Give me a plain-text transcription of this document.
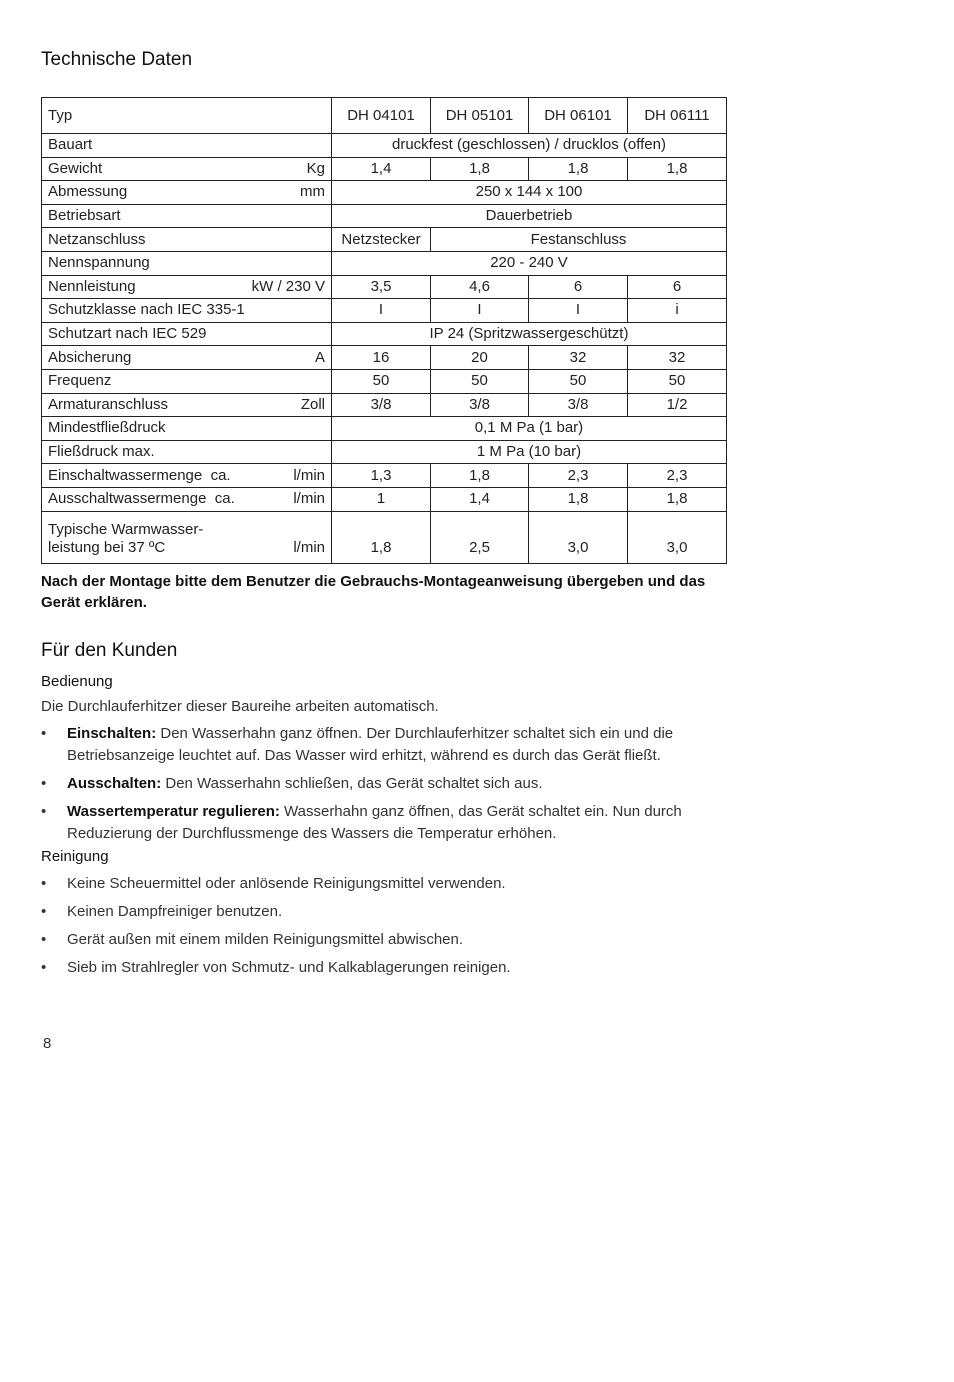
Technische Daten
Typ	DH 04101	DH 05101	DH 06101	DH 06111
Bauart	druckfest (geschlossen) / drucklos (offen)			
Gewicht Kg	1,4	1,8	1,8	1,8
Abmessung mm	250 x 144 x 100			
Betriebsart	Dauerbetrieb			
Netzanschluss	Netzstecker	Festanschluss		
Nennspannung	220 - 240 V			
Nennleistung kW / 230 V	3,5	4,6	6	6
Schutzklasse nach IEC 335-1	I	I	I	i
Schutzart nach IEC 529	IP 24 (Spritzwassergeschützt)			
Absicherung A	16	20	32	32
Frequenz	50	50	50	50
Armaturanschluss Zoll	3/8	3/8	3/8	1/2
Mindestfließdruck	0,1 M Pa (1 bar)			
Fließdruck max.	1 M Pa (10 bar)			
Einschaltwassermenge  ca. l/min	1,3	1,8	2,3	2,3
Ausschaltwassermenge  ca. l/min	1	1,4	1,8	1,8

Typische Warmwasser-
leistung bei 37 ºC l/min	1,8	2,5	3,0	3,0
Nach der Montage bitte dem Benutzer die Gebrauchs-Montageanweisung übergeben und das Gerät erklären.
Für den Kunden
Bedienung
Die Durchlauferhitzer dieser Baureihe arbeiten automatisch.
• Einschalten: Den Wasserhahn ganz öffnen. Der Durchlauferhitzer schaltet sich ein und die Betriebsanzeige leuchtet auf. Das Wasser wird erhitzt, während es durch das Gerät fließt.
• Ausschalten: Den Wasserhahn schließen, das Gerät schaltet sich aus.
• Wassertemperatur regulieren: Wasserhahn ganz öffnen, das Gerät schaltet ein. Nun durch Reduzierung der Durchflussmenge des Wassers die Temperatur erhöhen.
Reinigung
• Keine Scheuermittel oder anlösende Reinigungsmittel verwenden.
• Keinen Dampfreiniger benutzen.
• Gerät außen mit einem milden Reinigungsmittel abwischen.
• Sieb im Strahlregler von Schmutz- und Kalkablagerungen reinigen.
8
